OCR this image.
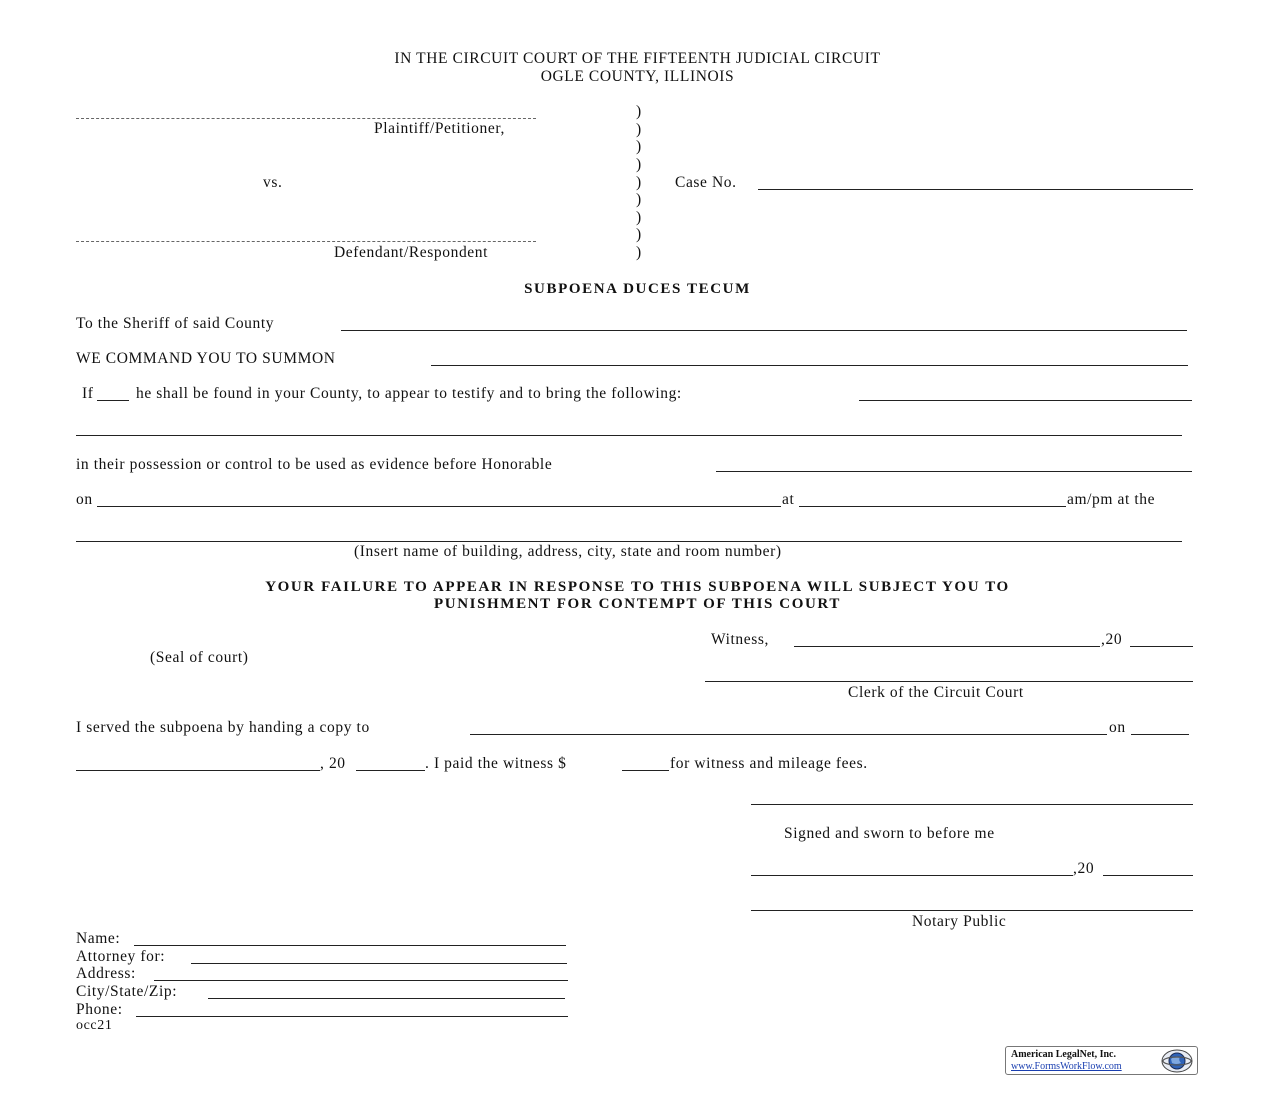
IN THE CIRCUIT COURT OF THE FIFTEENTH JUDICIAL CIRCUIT
OGLE COUNTY, ILLINOIS
Plaintiff/Petitioner,
vs.
Defendant/Respondent
)
)
)
)
)
)
)
)
)
Case No.
SUBPOENA DUCES TECUM
To the Sheriff of said County
WE COMMAND YOU TO SUMMON
If	he shall be found in your County, to appear to testify and to bring the following:
in their possession or control to be used as evidence before Honorable
on	at	am/pm at the
(Insert name of building, address, city, state and room number)
YOUR FAILURE TO APPEAR IN RESPONSE TO THIS SUBPOENA WILL SUBJECT YOU TO
PUNISHMENT FOR CONTEMPT OF THIS COURT
Witness,	,20
(Seal of court)
Clerk of the Circuit Court
I served the subpoena by handing a copy to	on
, 20	. I paid the witness $	for witness and mileage fees.
Signed and sworn to before me
,20
Notary Public
Name:
Attorney for:
Address:
City/State/Zip:
Phone:
occ21
American LegalNet, Inc.
www.FormsWorkFlow.com
